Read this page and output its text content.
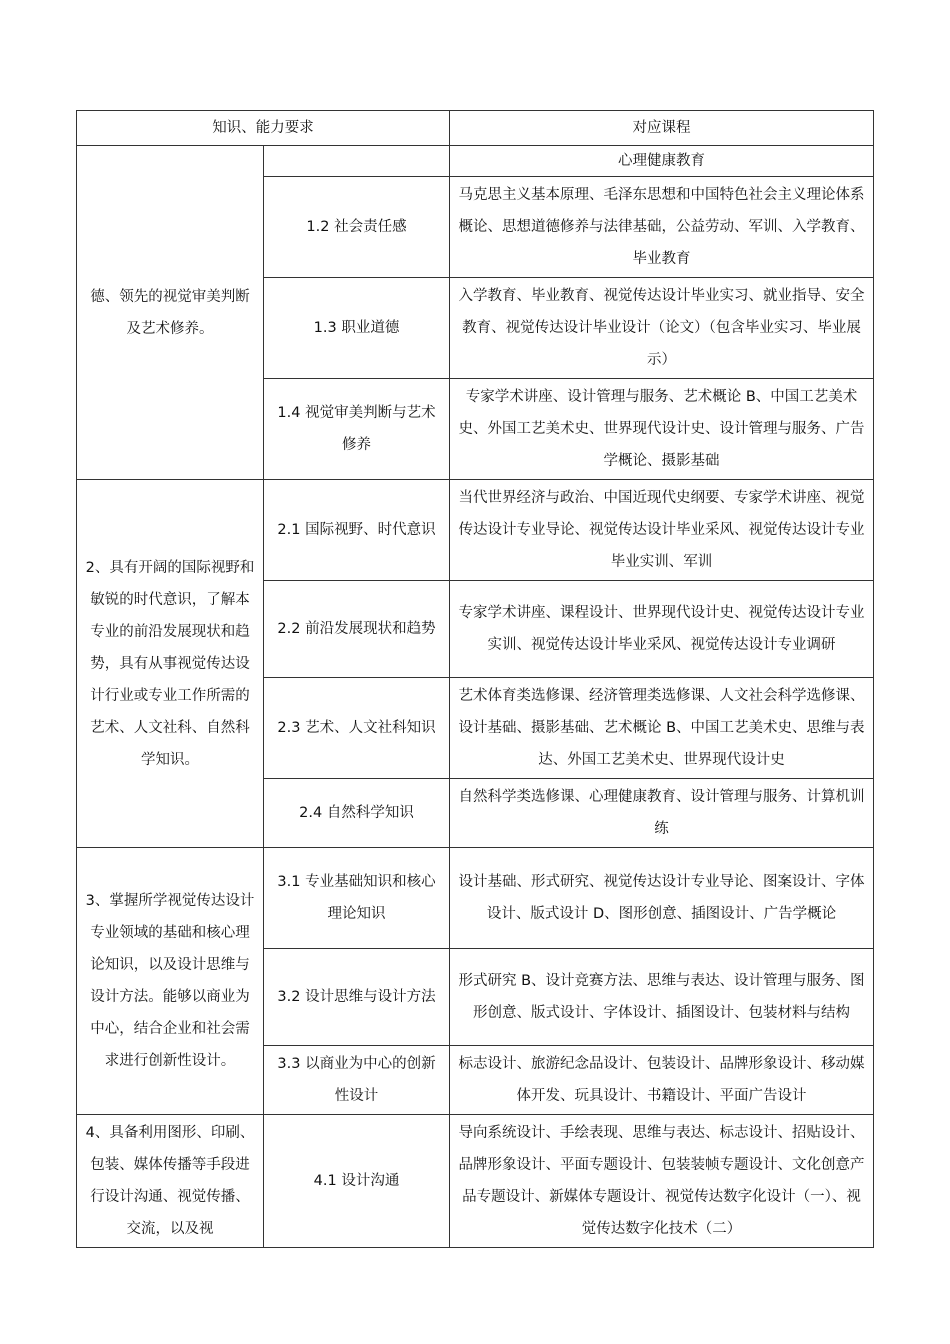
知识、能力要求		对应课程
德、领先的视觉审美判断及艺术修养。		心理健康教育
	1.2 社会责任感	马克思主义基本原理、毛泽东思想和中国特色社会主义理论体系概论、思想道德修养与法律基础，公益劳动、军训、入学教育、毕业教育
	1.3 职业道德	入学教育、毕业教育、视觉传达设计毕业实习、就业指导、安全教育、视觉传达设计毕业设计（论文）（包含毕业实习、毕业展示）
	1.4 视觉审美判断与艺术修养	专家学术讲座、设计管理与服务、艺术概论 B、中国工艺美术史、外国工艺美术史、世界现代设计史、设计管理与服务、广告学概论、摄影基础
2、具有开阔的国际视野和敏锐的时代意识，了解本专业的前沿发展现状和趋势，具有从事视觉传达设计行业或专业工作所需的艺术、人文社科、自然科学知识。	2.1 国际视野、时代意识	当代世界经济与政治、中国近现代史纲要、专家学术讲座、视觉传达设计专业导论、视觉传达设计毕业采风、视觉传达设计专业毕业实训、军训
	2.2 前沿发展现状和趋势	专家学术讲座、课程设计、世界现代设计史、视觉传达设计专业实训、视觉传达设计毕业采风、视觉传达设计专业调研
	2.3 艺术、人文社科知识	艺术体育类选修课、经济管理类选修课、人文社会科学选修课、设计基础、摄影基础、艺术概论 B、中国工艺美术史、思维与表达、外国工艺美术史、世界现代设计史
	2.4 自然科学知识	自然科学类选修课、心理健康教育、设计管理与服务、计算机训练
3、掌握所学视觉传达设计专业领域的基础和核心理论知识，以及设计思维与设计方法。能够以商业为中心，结合企业和社会需求进行创新性设计。	3.1 专业基础知识和核心理论知识	设计基础、形式研究、视觉传达设计专业导论、图案设计、字体设计、版式设计 D、图形创意、插图设计、广告学概论
	3.2 设计思维与设计方法	形式研究 B、设计竞赛方法、思维与表达、设计管理与服务、图形创意、版式设计、字体设计、插图设计、包装材料与结构
	3.3 以商业为中心的创新性设计	标志设计、旅游纪念品设计、包装设计、品牌形象设计、移动媒体开发、玩具设计、书籍设计、平面广告设计
4、具备利用图形、印刷、包装、媒体传播等手段进行设计沟通、视觉传播、交流，以及视	4.1 设计沟通	导向系统设计、手绘表现、思维与表达、标志设计、招贴设计、品牌形象设计、平面专题设计、包装装帧专题设计、文化创意产品专题设计、新媒体专题设计、视觉传达数字化设计（一）、视觉传达数字化技术（二）
